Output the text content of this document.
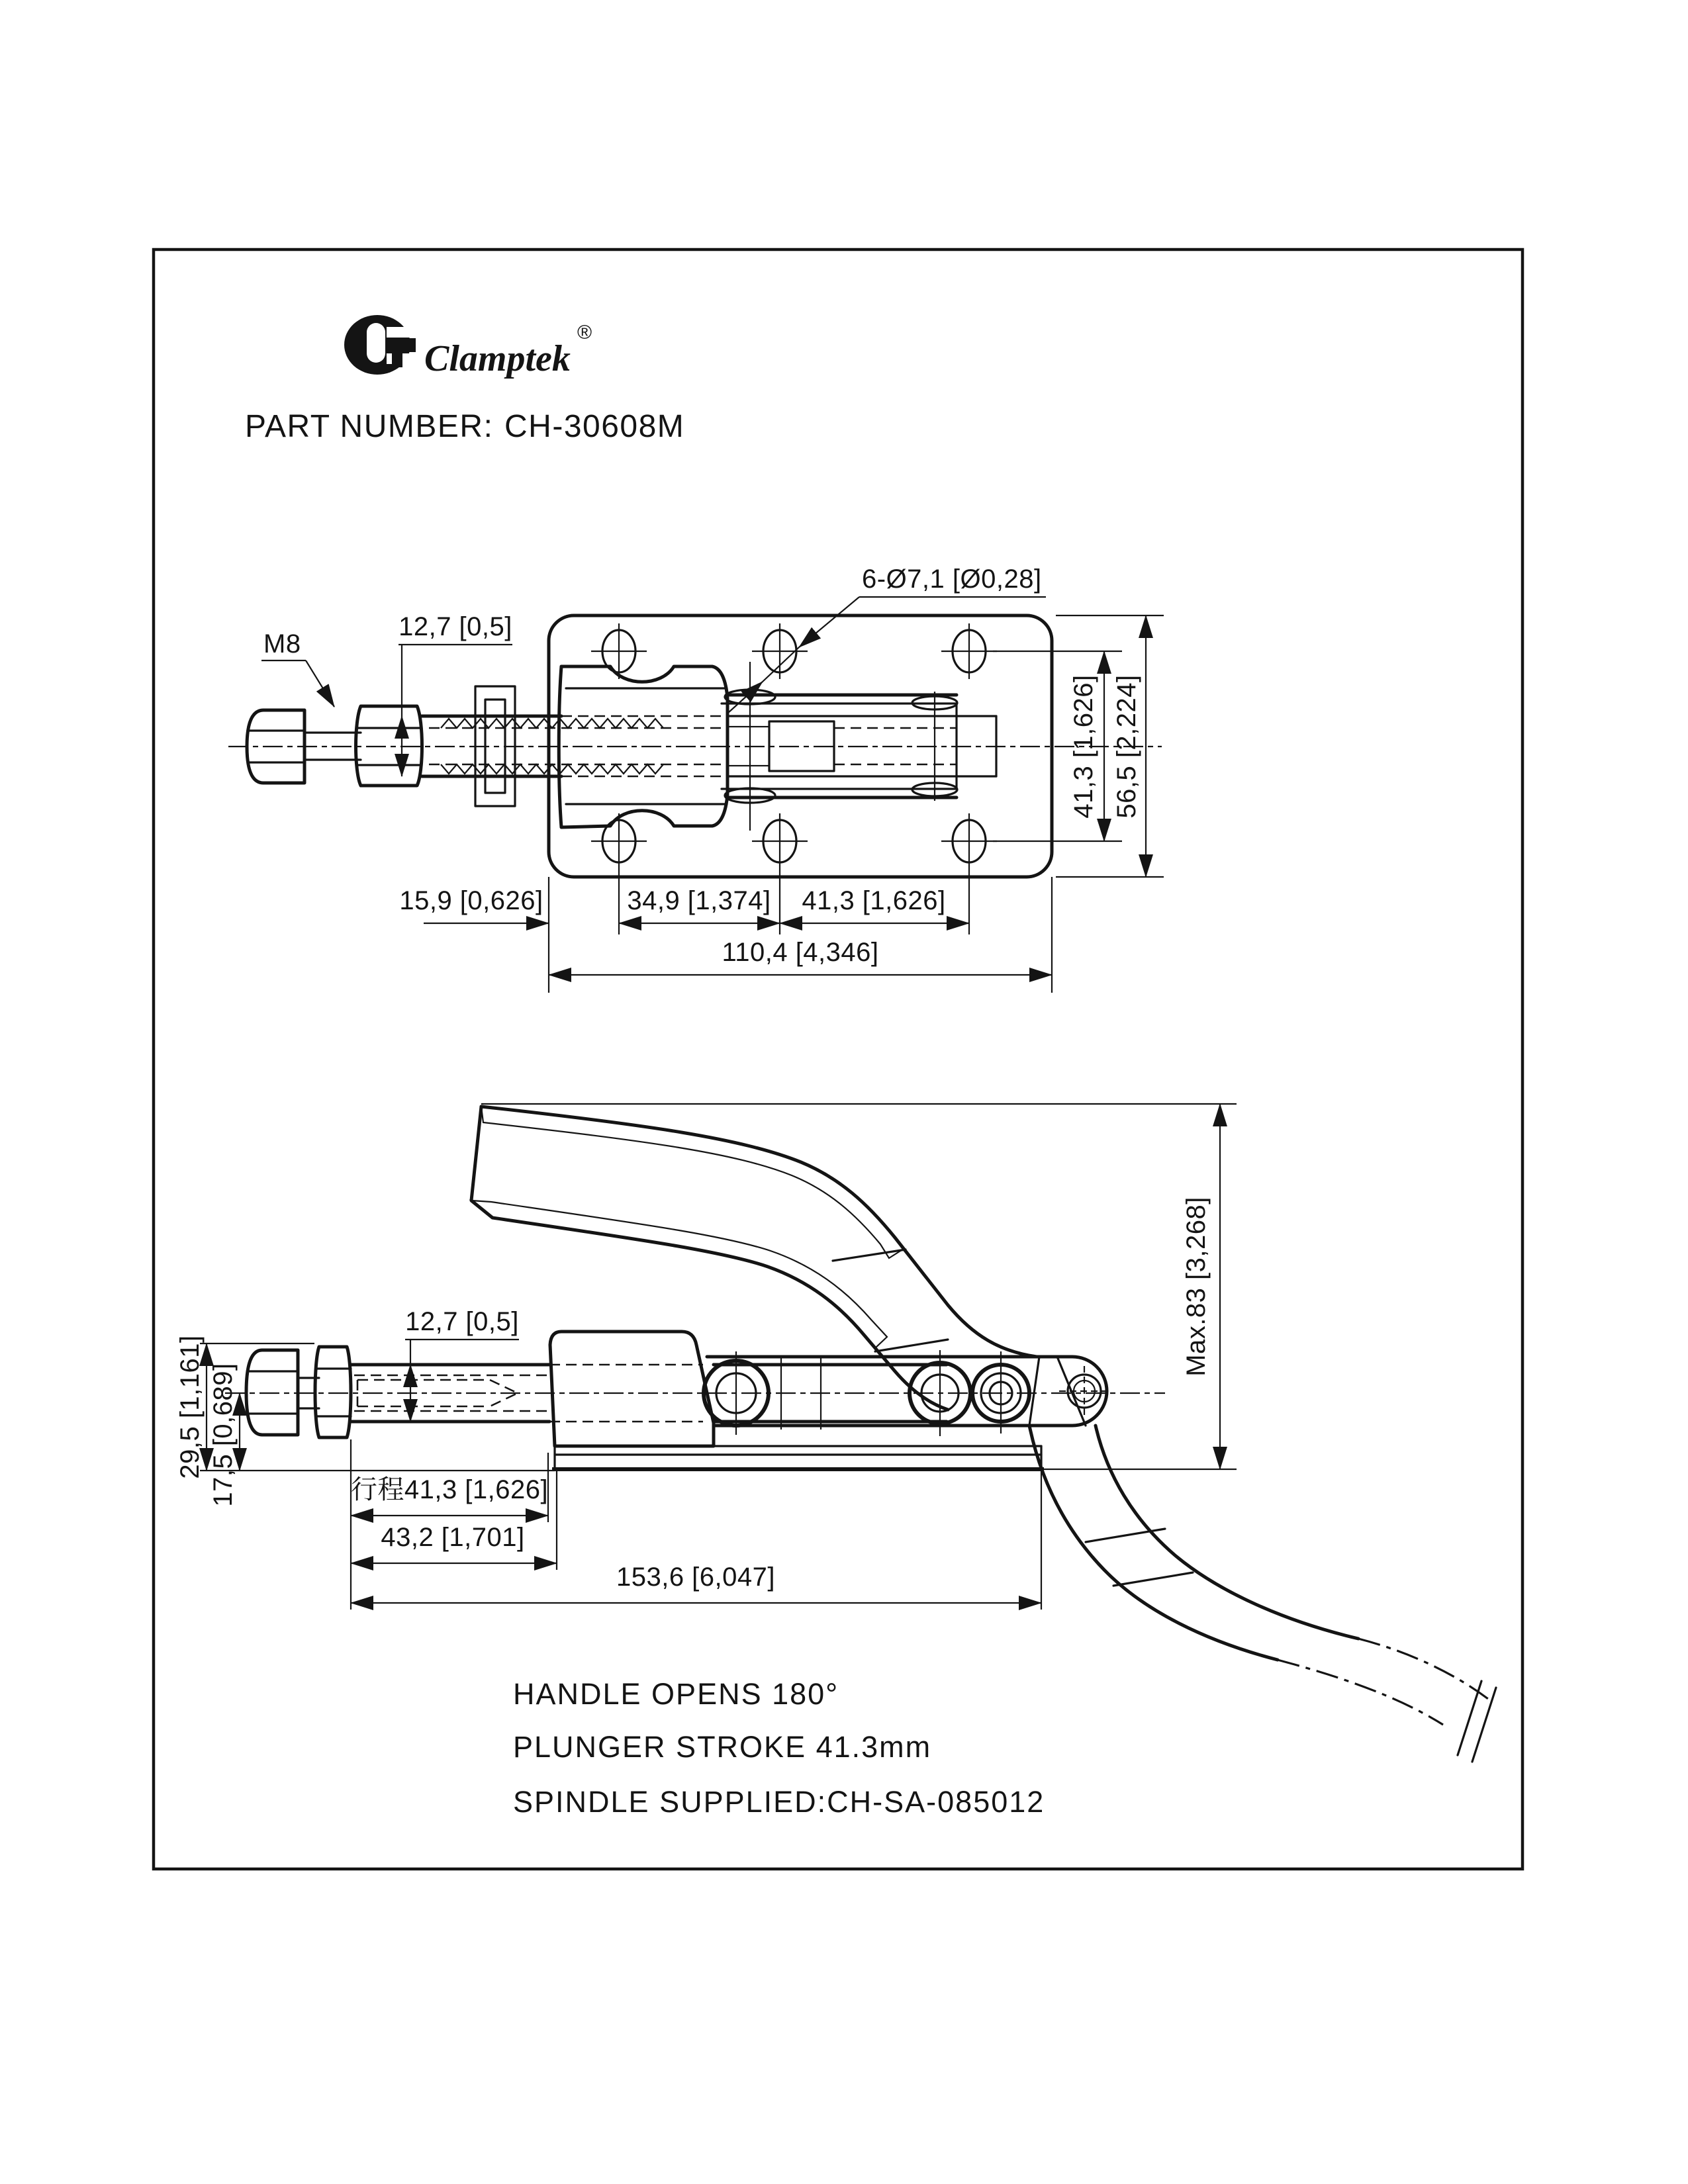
Clamptek
®
PART NUMBER: CH-30608M
M8
12,7 [0,5]
6-Ø7,1 [Ø0,28]
41,3 [1,626] 56,5 [2,224]
15,9 [0,626]	34,9 [1,374] 41,3 [1,626]
110,4 [4,346]
12,7 [0,5]
29,5 [1,161] 17,5 [0,689]
Max.83 [3,268]
行程41,3 [1,626]
43,2 [1,701]
153,6 [6,047]
HANDLE OPENS 180°
PLUNGER STROKE 41.3mm
SPINDLE SUPPLIED:CH-SA-085012
